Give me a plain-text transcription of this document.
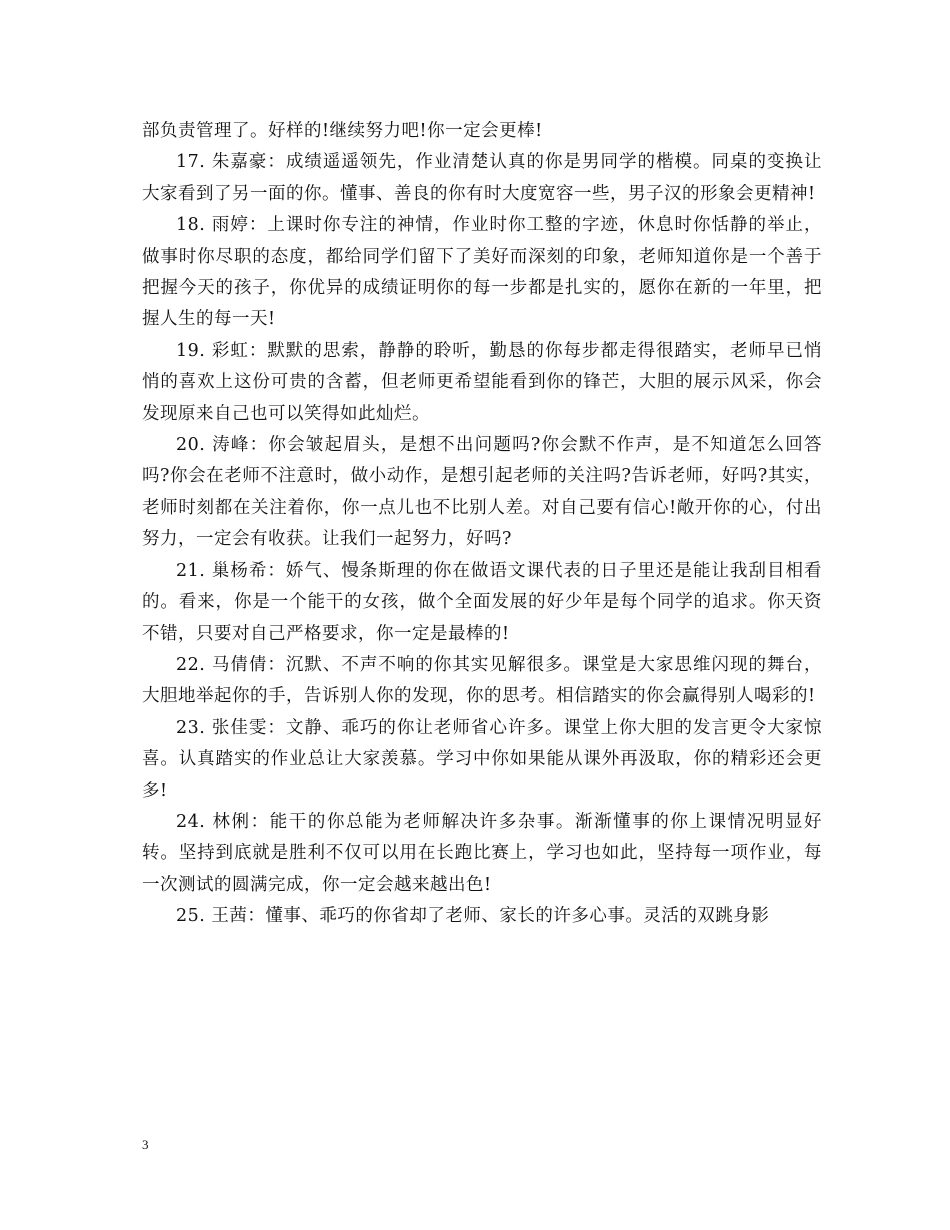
部负责管理了。好样的!继续努力吧!你一定会更棒!

17. 朱嘉豪：成绩遥遥领先，作业清楚认真的你是男同学的楷模。同桌的变换让大家看到了另一面的你。懂事、善良的你有时大度宽容一些，男子汉的形象会更精神!

18. 雨婷：上课时你专注的神情，作业时你工整的字迹，休息时你恬静的举止，做事时你尽职的态度，都给同学们留下了美好而深刻的印象，老师知道你是一个善于把握今天的孩子，你优异的成绩证明你的每一步都是扎实的，愿你在新的一年里，把握人生的每一天!

19. 彩虹：默默的思索，静静的聆听，勤恳的你每步都走得很踏实，老师早已悄悄的喜欢上这份可贵的含蓄，但老师更希望能看到你的锋芒，大胆的展示风采，你会发现原来自己也可以笑得如此灿烂。

20. 涛峰：你会皱起眉头，是想不出问题吗?你会默不作声，是不知道怎么回答吗?你会在老师不注意时，做小动作，是想引起老师的关注吗?告诉老师，好吗?其实，老师时刻都在关注着你，你一点儿也不比别人差。对自己要有信心!敞开你的心，付出努力，一定会有收获。让我们一起努力，好吗?

21. 巢杨希：娇气、慢条斯理的你在做语文课代表的日子里还是能让我刮目相看的。看来，你是一个能干的女孩，做个全面发展的好少年是每个同学的追求。你天资不错，只要对自己严格要求，你一定是最棒的!

22. 马倩倩：沉默、不声不响的你其实见解很多。课堂是大家思维闪现的舞台，大胆地举起你的手，告诉别人你的发现，你的思考。相信踏实的你会赢得别人喝彩的!

23. 张佳雯：文静、乖巧的你让老师省心许多。课堂上你大胆的发言更令大家惊喜。认真踏实的作业总让大家羡慕。学习中你如果能从课外再汲取，你的精彩还会更多!

24. 林俐：能干的你总能为老师解决许多杂事。渐渐懂事的你上课情况明显好转。坚持到底就是胜利不仅可以用在长跑比赛上，学习也如此，坚持每一项作业，每一次测试的圆满完成，你一定会越来越出色!

25. 王茜：懂事、乖巧的你省却了老师、家长的许多心事。灵活的双跳身影

3
